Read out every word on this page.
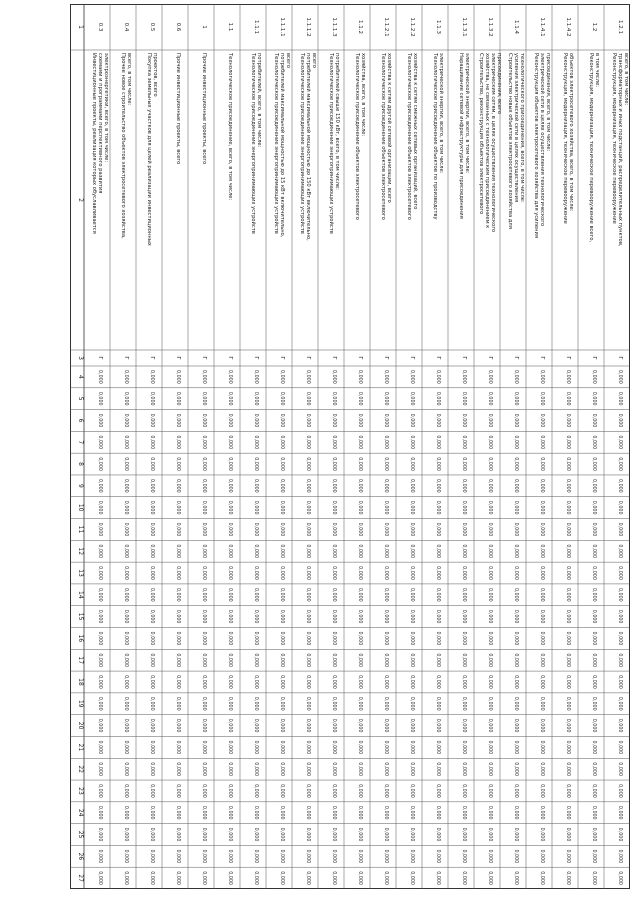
1
2
3
4
5
6
7
8
9
10
11
12
13
14
15
16
17
18
19
20
21
22
23
24
25
26
27
0.3
Инвестиционные проекты, реализация которых обуславливается схемами и программами перспективного развития электроэнергетики, всего, в том числе:
Г
0,000
0,000
0,000
0,000
0,000
0,000
0,000
0,000
0,000
0,000
0,000
0,000
0,000
0,000
0,000
0,000
0,000
0,000
0,000
0,000
0,000
0,000
0,000
0,000
0.4
Прочее новое строительство объектов электросетевого хозяйства, всего, в том числе:
Г
0,000
0,000
0,000
0,000
0,000
0,000
0,000
0,000
0,000
0,000
0,000
0,000
0,000
0,000
0,000
0,000
0,000
0,000
0,000
0,000
0,000
0,000
0,000
0,000
0.5
Покупка земельных участков для целей реализации инвестиционных проектов, всего
Г
0,000
0,000
0,000
0,000
0,000
0,000
0,000
0,000
0,000
0,000
0,000
0,000
0,000
0,000
0,000
0,000
0,000
0,000
0,000
0,000
0,000
0,000
0,000
0,000
0.6
Прочие инвестиционные проекты, всего
Г
0,000
0,000
0,000
0,000
0,000
0,000
0,000
0,000
0,000
0,000
0,000
0,000
0,000
0,000
0,000
0,000
0,000
0,000
0,000
0,000
0,000
0,000
0,000
0,000
1
Прочие инвестиционные проекты, всего
Г
0,000
0,000
0,000
0,000
0,000
0,000
0,000
0,000
0,000
0,000
0,000
0,000
0,000
0,000
0,000
0,000
0,000
0,000
0,000
0,000
0,000
0,000
0,000
0,000
1.1
Технологическое присоединение, всего, в том числе:
Г
0,000
0,000
0,000
0,000
0,000
0,000
0,000
0,000
0,000
0,000
0,000
0,000
0,000
0,000
0,000
0,000
0,000
0,000
0,000
0,000
0,000
0,000
0,000
0,000
1.1.1
Технологическое присоединение энергопринимающих устройств потребителей, всего, в том числе:
Г
0,000
0,000
0,000
0,000
0,000
0,000
0,000
0,000
0,000
0,000
0,000
0,000
0,000
0,000
0,000
0,000
0,000
0,000
0,000
0,000
0,000
0,000
0,000
0,000
1.1.1.1
Технологическое присоединение энергопринимающих устройств потребителей максимальной мощностью до 15 кВт включительно, всего
Г
0,000
0,000
0,000
0,000
0,000
0,000
0,000
0,000
0,000
0,000
0,000
0,000
0,000
0,000
0,000
0,000
0,000
0,000
0,000
0,000
0,000
0,000
0,000
0,000
1.1.1.2
Технологическое присоединение энергопринимающих устройств потребителей максимальной мощностью до 150 кВт включительно, всего
Г
0,000
0,000
0,000
0,000
0,000
0,000
0,000
0,000
0,000
0,000
0,000
0,000
0,000
0,000
0,000
0,000
0,000
0,000
0,000
0,000
0,000
0,000
0,000
0,000
1.1.1.3
Технологическое присоединение энергопринимающих устройств потребителей свыше 150 кВт, всего, в том числе:
Г
0,000
0,000
0,000
0,000
0,000
0,000
0,000
0,000
0,000
0,000
0,000
0,000
0,000
0,000
0,000
0,000
0,000
0,000
0,000
0,000
0,000
0,000
0,000
0,000
1.1.2
Технологическое присоединение объектов электросетевого хозяйства, всего, в том числе:
Г
0,000
0,000
0,000
0,000
0,000
0,000
0,000
0,000
0,000
0,000
0,000
0,000
0,000
0,000
0,000
0,000
0,000
0,000
0,000
0,000
0,000
0,000
0,000
0,000
1.1.2.1
Технологическое присоединение объектов электросетевого хозяйства к сетям другой сетевой организации, всего
Г
0,000
0,000
0,000
0,000
0,000
0,000
0,000
0,000
0,000
0,000
0,000
0,000
0,000
0,000
0,000
0,000
0,000
0,000
0,000
0,000
0,000
0,000
0,000
0,000
1.1.2.2
Технологическое присоединение объектов электросетевого хозяйства к сетям смежных сетевых организаций, всего
Г
0,000
0,000
0,000
0,000
0,000
0,000
0,000
0,000
0,000
0,000
0,000
0,000
0,000
0,000
0,000
0,000
0,000
0,000
0,000
0,000
0,000
0,000
0,000
0,000
1.1.3
Технологическое присоединение объектов по производству электрической энергии, всего, в том числе:
Г
0,000
0,000
0,000
0,000
0,000
0,000
0,000
0,000
0,000
0,000
0,000
0,000
0,000
0,000
0,000
0,000
0,000
0,000
0,000
0,000
0,000
0,000
0,000
0,000
1.1.3.1
Наращивание сетевой инфраструктуры для присоединения электрической энергии, всего, в том числе:
Г
0,000
0,000
0,000
0,000
0,000
0,000
0,000
0,000
0,000
0,000
0,000
0,000
0,000
0,000
0,000
0,000
0,000
0,000
0,000
0,000
0,000
0,000
0,000
0,000
1.1.3.2
Строительство, реконструкция объектов электросетевого хозяйства, не связанных с технологическим присоединением к электрическим сетям, в целях осуществления технологического присоединения, всего
Г
0,000
0,000
0,000
0,000
0,000
0,000
0,000
0,000
0,000
0,000
0,000
0,000
0,000
0,000
0,000
0,000
0,000
0,000
0,000
0,000
0,000
0,000
0,000
0,000
1.1.4
Строительство новых объектов электросетевого хозяйства для усиления электрической сети в целях осуществления технологического присоединения, всего, в том числе:
Г
0,000
0,000
0,000
0,000
0,000
0,000
0,000
0,000
0,000
0,000
0,000
0,000
0,000
0,000
0,000
0,000
0,000
0,000
0,000
0,000
0,000
0,000
0,000
0,000
1.1.4.1
Реконструкция объектов электросетевого хозяйства для усиления электрической сети в целях осуществления технологического присоединения, всего, в том числе:
Г
0,000
0,000
0,000
0,000
0,000
0,000
0,000
0,000
0,000
0,000
0,000
0,000
0,000
0,000
0,000
0,000
0,000
0,000
0,000
0,000
0,000
0,000
0,000
0,000
1.1.4.2
Реконструкция, модернизация, техническое перевооружение объектов электросетевого хозяйства, всего, в том числе:
Г
0,000
0,000
0,000
0,000
0,000
0,000
0,000
0,000
0,000
0,000
0,000
0,000
0,000
0,000
0,000
0,000
0,000
0,000
0,000
0,000
0,000
0,000
0,000
0,000
1.2
Реконструкция, модернизация, техническое перевооружение всего, в том числе:
Г
0,000
0,000
0,000
0,000
0,000
0,000
0,000
0,000
0,000
0,000
0,000
0,000
0,000
0,000
0,000
0,000
0,000
0,000
0,000
0,000
0,000
0,000
0,000
0,000
1.2.1
Реконструкция, модернизация, техническое перевооружение трансформаторных и иных подстанций, распределительных пунктов, всего, в том числе:
Г
0,000
0,000
0,000
0,000
0,000
0,000
0,000
0,000
0,000
0,000
0,000
0,000
0,000
0,000
0,000
0,000
0,000
0,000
0,000
0,000
0,000
0,000
0,000
0,000
